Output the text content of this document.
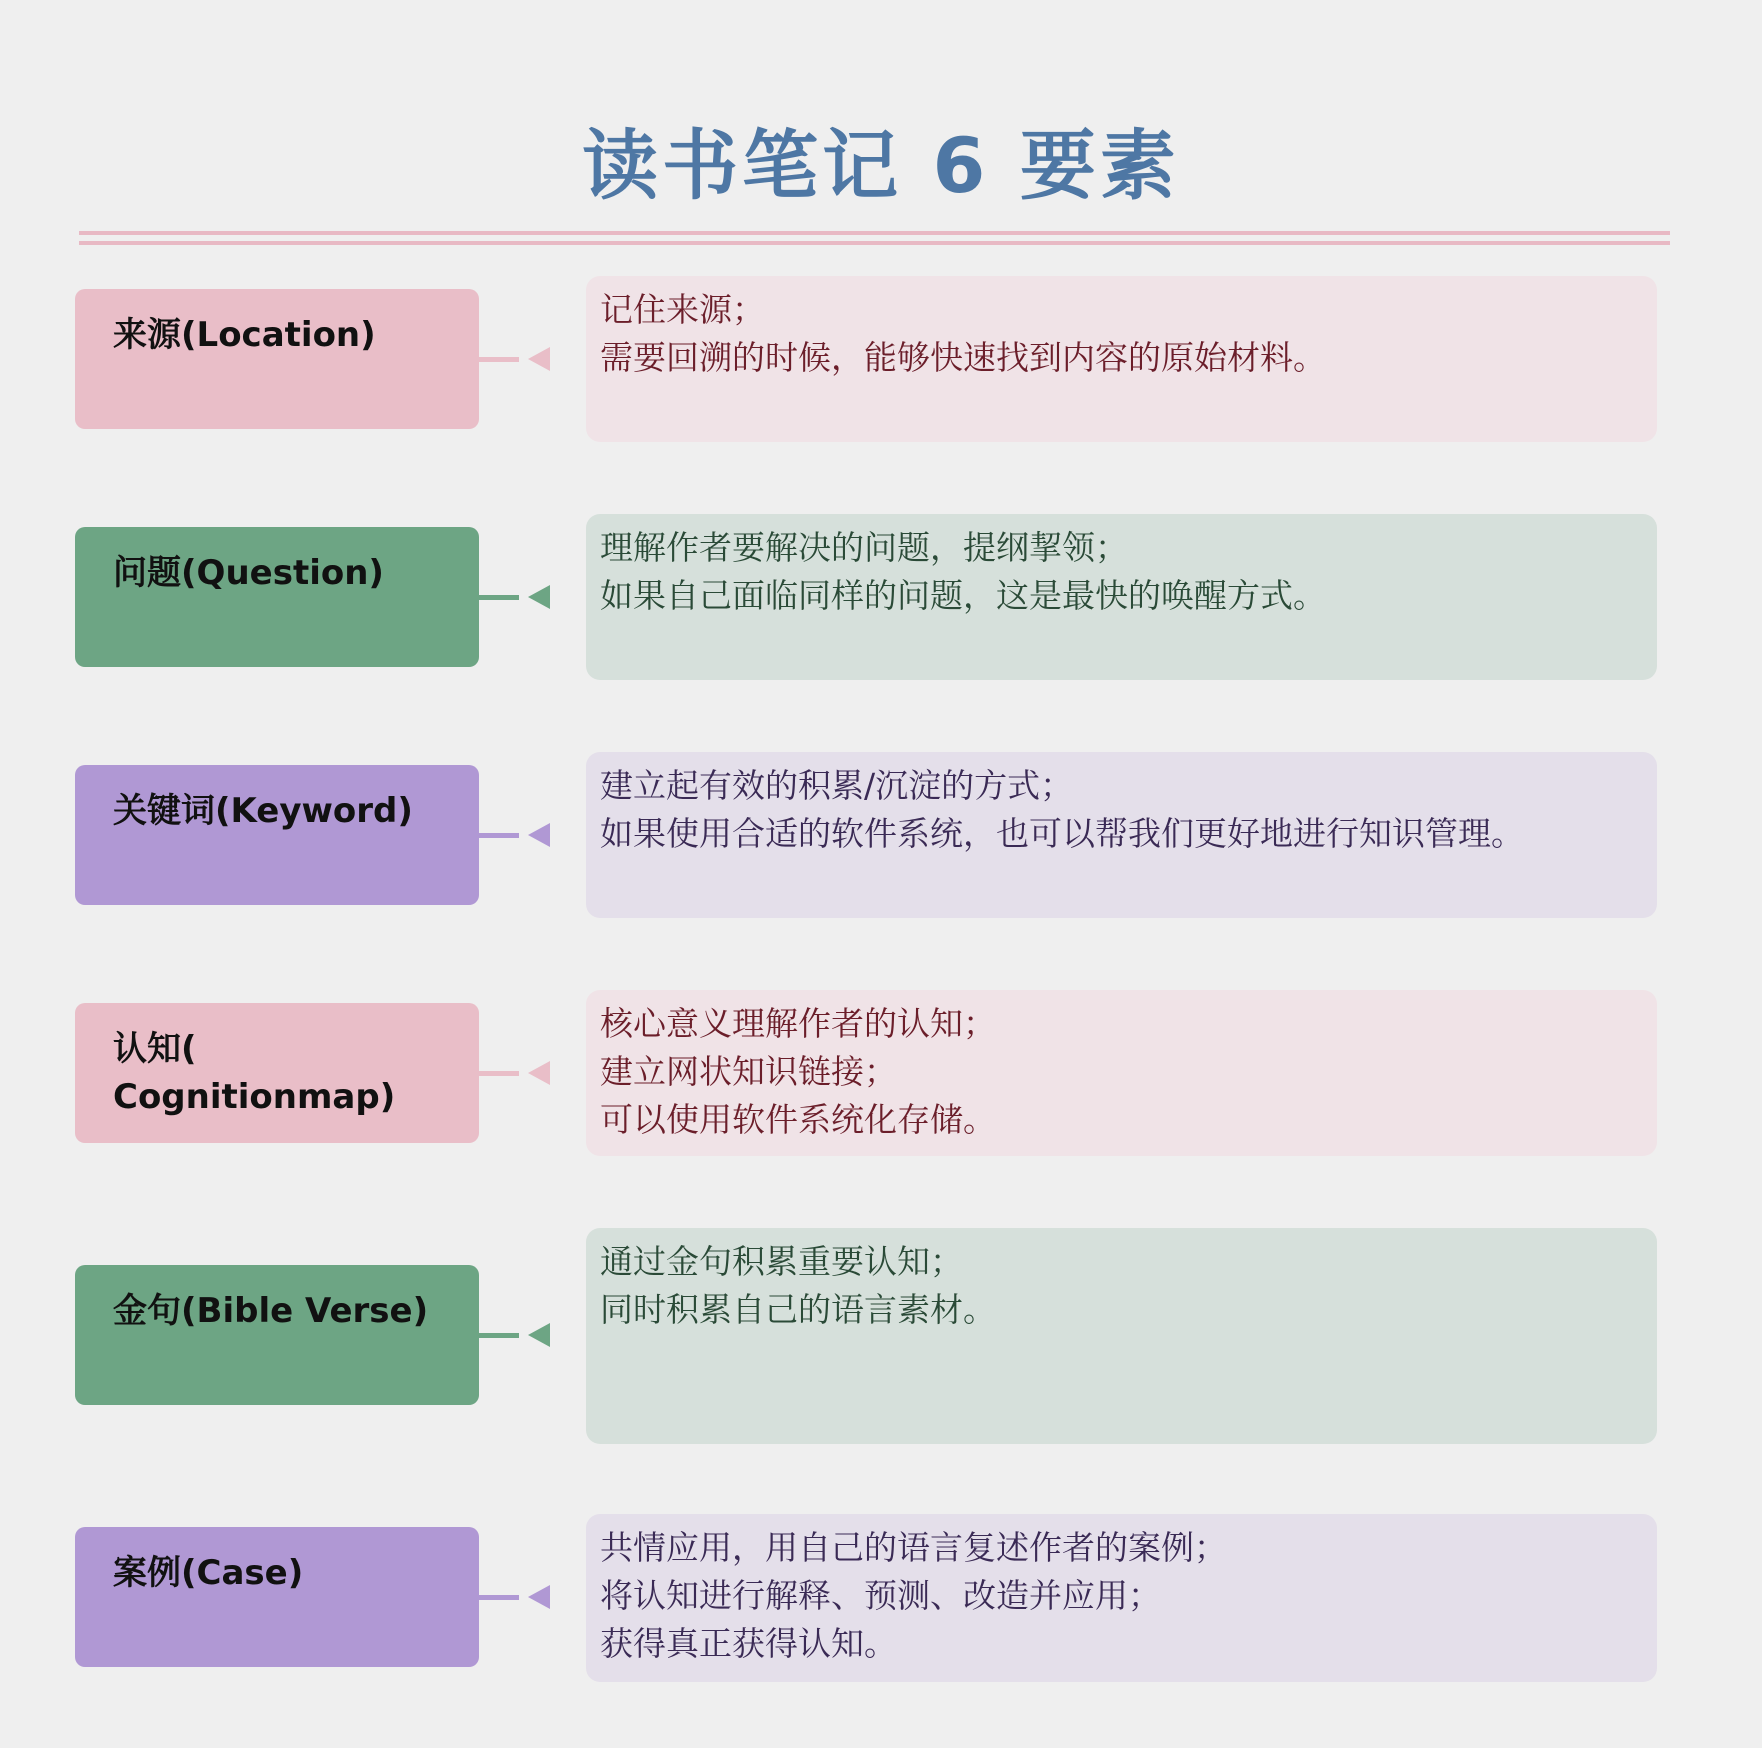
读书笔记 6 要素
来源(Location)
记住来源；
需要回溯的时候，能够快速找到内容的原始材料。
问题(Question)
理解作者要解决的问题，提纲挈领；
如果自己面临同样的问题，这是最快的唤醒方式。
关键词(Keyword)
建立起有效的积累/沉淀的方式；
如果使用合适的软件系统，也可以帮我们更好地进行知识管理。
认知(
Cognitionmap)
核心意义理解作者的认知；
建立网状知识链接；
可以使用软件系统化存储。
金句(Bible Verse)
通过金句积累重要认知；
同时积累自己的语言素材。
案例(Case)
共情应用，用自己的语言复述作者的案例；
将认知进行解释、预测、改造并应用；
获得真正获得认知。
